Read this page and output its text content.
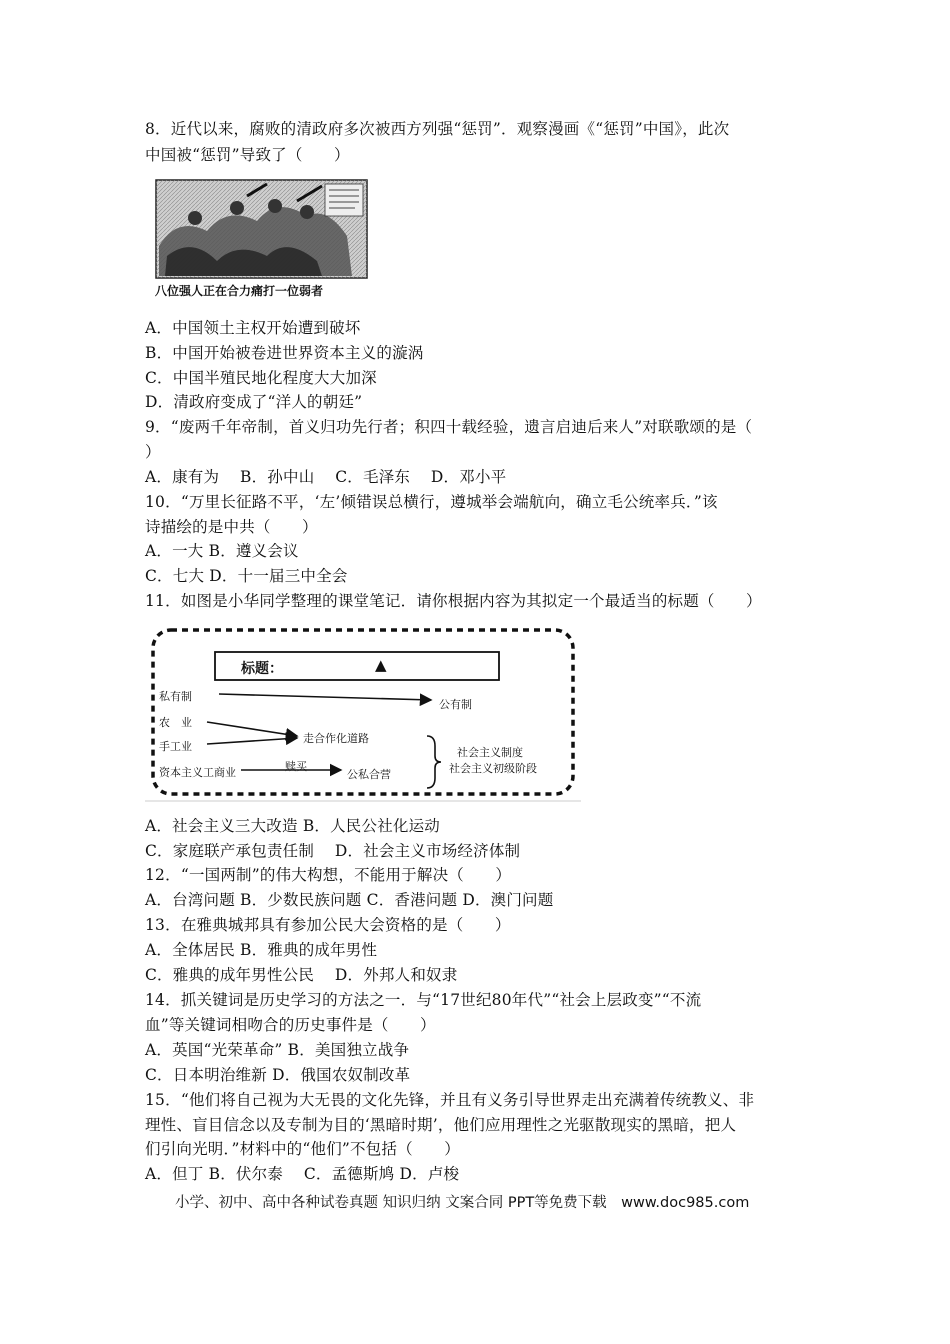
8．近代以来，腐败的清政府多次被西方列强“惩罚”．观察漫画《“惩罚”中国》，此次
中国被“惩罚”导致了（　　）
八位强人正在合力痛打一位弱者
A．中国领土主权开始遭到破坏
B．中国开始被卷进世界资本主义的漩涡
C．中国半殖民地化程度大大加深
D．清政府变成了“洋人的朝廷”
9．“废两千年帝制，首义归功先行者；积四十载经验，遗言启迪后来人”对联歌颂的是（
）
A．康有为　 B．孙中山　 C．毛泽东　 D．邓小平
10．“万里长征路不平，‘左’倾错误总横行，遵城举会端航向，确立毛公统率兵．”该
诗描绘的是中共（　　）
A．一大 B．遵义会议
C．七大 D．十一届三中全会
11．如图是小华同学整理的课堂笔记．请你根据内容为其拟定一个最适当的标题（　　）
标题：	▲
私有制
公有制
农　业
手工业
资本主义工商业
走合作化道路
赎买
公私合营
社会主义制度
社会主义初级阶段
A．社会主义三大改造 B．人民公社化运动
C．家庭联产承包责任制　 D．社会主义市场经济体制
12．“一国两制”的伟大构想，不能用于解决（　　）
A．台湾问题 B．少数民族问题 C．香港问题 D．澳门问题
13．在雅典城邦具有参加公民大会资格的是（　　）
A．全体居民 B．雅典的成年男性
C．雅典的成年男性公民　 D．外邦人和奴隶
14．抓关键词是历史学习的方法之一．与“17世纪80年代”“社会上层政变”“不流
血”等关键词相吻合的历史事件是（　　）
A．英国“光荣革命” B．美国独立战争
C．日本明治维新 D．俄国农奴制改革
15．“他们将自己视为大无畏的文化先锋，并且有义务引导世界走出充满着传统教义、非
理性、盲目信念以及专制为目的‘黑暗时期’，他们应用理性之光驱散现实的黑暗，把人
们引向光明．”材料中的“他们”不包括（　　）
A．但丁 B．伏尔泰　 C．孟德斯鸠 D．卢梭
小学、初中、高中各种试卷真题 知识归纳 文案合同 PPT等免费下载　www.doc985.com
